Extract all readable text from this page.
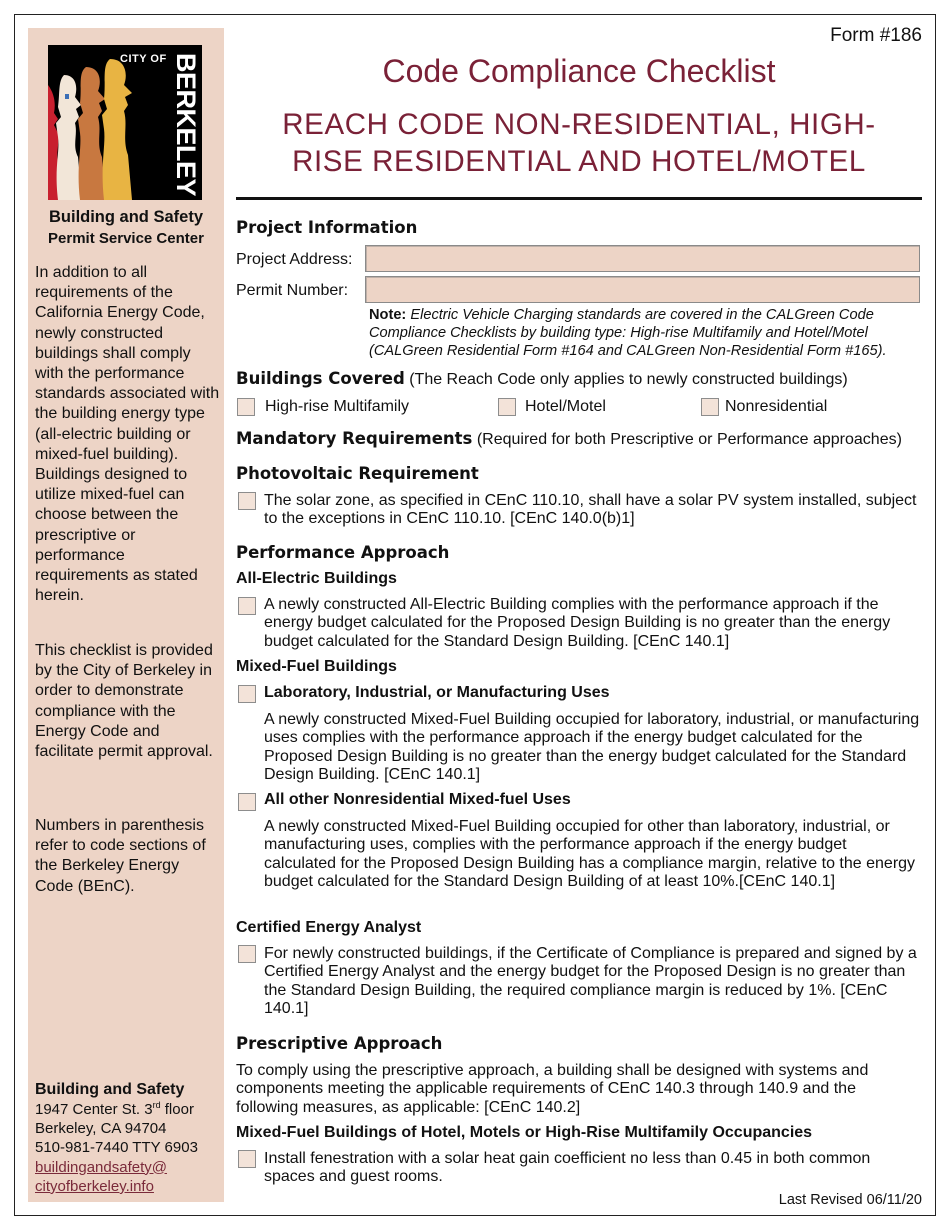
CITY OF BERKELEY
Building and Safety
Permit Service Center
In addition to all requirements of the California Energy Code, newly constructed buildings shall comply with the performance standards associated with the building energy type (all-electric building or mixed-fuel building). Buildings designed to utilize mixed-fuel can choose between the prescriptive or performance requirements as stated herein.
This checklist is provided by the City of Berkeley in order to demonstrate compliance with the Energy Code and facilitate permit approval.
Numbers in parenthesis refer to code sections of the Berkeley Energy Code (BEnC).
Building and Safety
1947 Center St. 3rd floor
Berkeley, CA 94704
510-981-7440 TTY 6903
buildingandsafety@
cityofberkeley.info
Form #186
Code Compliance Checklist
REACH CODE NON-RESIDENTIAL, HIGH-
RISE RESIDENTIAL AND HOTEL/MOTEL
Project Information
Project Address:
Permit Number:
Note: Electric Vehicle Charging standards are covered in the CALGreen Code Compliance Checklists by building type: High-rise Multifamily and Hotel/Motel (CALGreen Residential Form #164 and CALGreen Non-Residential Form #165).
Buildings Covered (The Reach Code only applies to newly constructed buildings)
High-rise Multifamily	Hotel/Motel	Nonresidential
Mandatory Requirements (Required for both Prescriptive or Performance approaches)
Photovoltaic Requirement
The solar zone, as specified in CEnC 110.10, shall have a solar PV system installed, subject to the exceptions in CEnC 110.10. [CEnC 140.0(b)1]
Performance Approach
All-Electric Buildings
A newly constructed All-Electric Building complies with the performance approach if the energy budget calculated for the Proposed Design Building is no greater than the energy budget calculated for the Standard Design Building. [CEnC 140.1]
Mixed-Fuel Buildings
Laboratory, Industrial, or Manufacturing Uses
A newly constructed Mixed-Fuel Building occupied for laboratory, industrial, or manufacturing uses complies with the performance approach if the energy budget calculated for the Proposed Design Building is no greater than the energy budget calculated for the Standard Design Building. [CEnC 140.1]
All other Nonresidential Mixed-fuel Uses
A newly constructed Mixed-Fuel Building occupied for other than laboratory, industrial, or manufacturing uses, complies with the performance approach if the energy budget calculated for the Proposed Design Building has a compliance margin, relative to the energy budget calculated for the Standard Design Building of at least 10%.[CEnC 140.1]
Certified Energy Analyst
For newly constructed buildings, if the Certificate of Compliance is prepared and signed by a Certified Energy Analyst and the energy budget for the Proposed Design is no greater than the Standard Design Building, the required compliance margin is reduced by 1%. [CEnC 140.1]
Prescriptive Approach
To comply using the prescriptive approach, a building shall be designed with systems and components meeting the applicable requirements of CEnC 140.3 through 140.9 and the following measures, as applicable: [CEnC 140.2]
Mixed-Fuel Buildings of Hotel, Motels or High-Rise Multifamily Occupancies
Install fenestration with a solar heat gain coefficient no less than 0.45 in both common spaces and guest rooms.
Last Revised 06/11/20
